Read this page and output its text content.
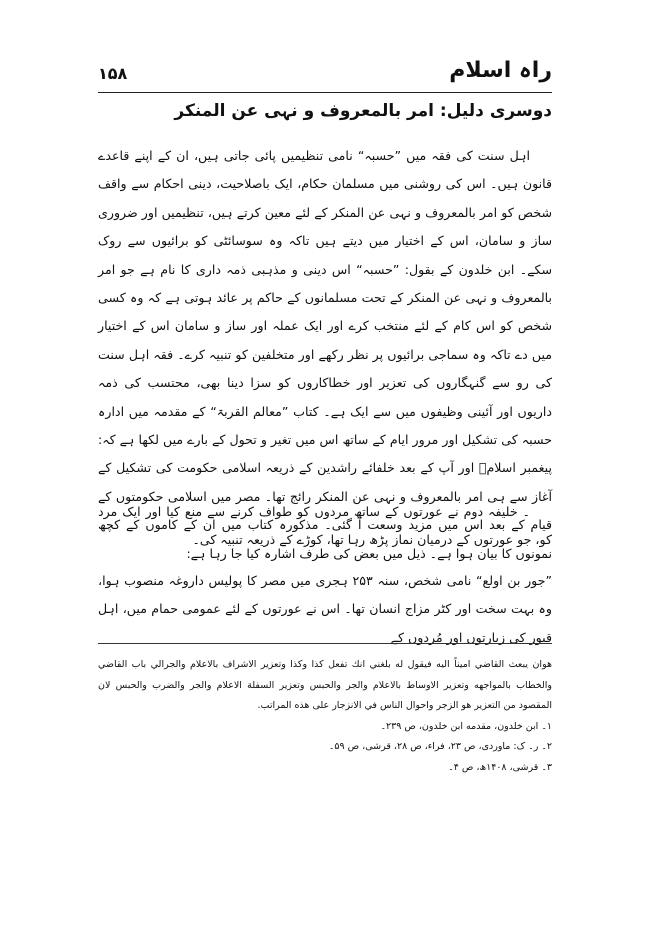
راہ اسلام
۱۵۸
دوسری دلیل: امر بالمعروف و نہی عن المنکر
اہل سنت کی فقہ میں ”حسبہ“ نامی تنظیمیں پائی جاتی ہیں، ان کے اپنے قاعدے قانون ہیں۔ اس کی روشنی میں مسلمان حکام، ایک باصلاحیت، دینی احکام سے واقف شخص کو امر بالمعروف و نہی عن المنکر کے لئے معین کرتے ہیں، تنظیمیں اور ضروری ساز و سامان، اس کے اختیار میں دیتے ہیں تاکہ وہ سوسائٹی کو برائیوں سے روک سکے۔ ابن خلدون کے بقول: ”حسبہ“ اس دینی و مذہبی ذمہ داری کا نام ہے جو امر بالمعروف و نہی عن المنکر کے تحت مسلمانوں کے حاکم پر عائد ہوتی ہے کہ وہ کسی شخص کو اس کام کے لئے منتخب کرے اور ایک عملہ اور ساز و سامان اس کے اختیار میں دے تاکہ وہ سماجی برائیوں پر نظر رکھے اور متخلفین کو تنبیہ کرے۔ فقہ اہل سنت کی رو سے گنہگاروں کی تعزیر اور خطاکاروں کو سزا دینا بھی، محتسب کی ذمہ داریوں اور آئینی وظیفوں میں سے ایک ہے۔ کتاب ”معالم القربۃ“ کے مقدمہ میں ادارہ حسبہ کی تشکیل اور مرور ایام کے ساتھ اس میں تغیر و تحول کے بارے میں لکھا ہے کہ: پیغمبر اسلامؐ اور آپ کے بعد خلفائے راشدین کے ذریعہ اسلامی حکومت کی تشکیل کے آغاز سے ہی امر بالمعروف و نہی عن المنکر رائج تھا۔ مصر میں اسلامی حکومتوں کے قیام کے بعد اس میں مزید وسعت آ گئی۔ مذکورہ کتاب میں ان کے کاموں کے کچھ نمونوں کا بیان ہوا ہے۔ ذیل میں بعض کی طرف اشارہ کیا جا رہا ہے:
۔ خلیفہ دوم نے عورتوں کے ساتھ مردوں کو طواف کرنے سے منع کیا اور ایک مرد کو، جو عورتوں کے درمیان نماز پڑھ رہا تھا، کوڑے کے ذریعہ تنبیہ کی۔
”جور بن اولع“ نامی شخص، سنہ ۲۵۳ ہجری میں مصر کا پولیس داروغہ منصوب ہوا، وہ بہت سخت اور کٹر مزاج انسان تھا۔ اس نے عورتوں کے لئے عمومی حمام میں، اہل قبور کی زیارتوں اور مُردوں کے

هوان يبعث القاضي اميناً اليه فيقول له بلغني انك تفعل كذا وكذا وتعزير الاشراف بالاعلام والجرالي باب القاضي والخطاب بالمواجهه وتعزير الاوساط بالاعلام والجر والحبس وتعزير السفلة الاعلام والجر والضرب والحبس لان المقصود من التعزير هو الزجر واحوال الناس في الانزجار على هذه المراتب.

۱۔ ابن خلدون، مقدمه ابن خلدون، ص ۲۳۹۔

۲۔ ر۔ ک: ماوردی، ص ۲۳، فراء، ص ۲۸، قرشی، ص ۵۹۔

۳۔ قرشی، ۱۴۰۸ھ، ص ۴۔
